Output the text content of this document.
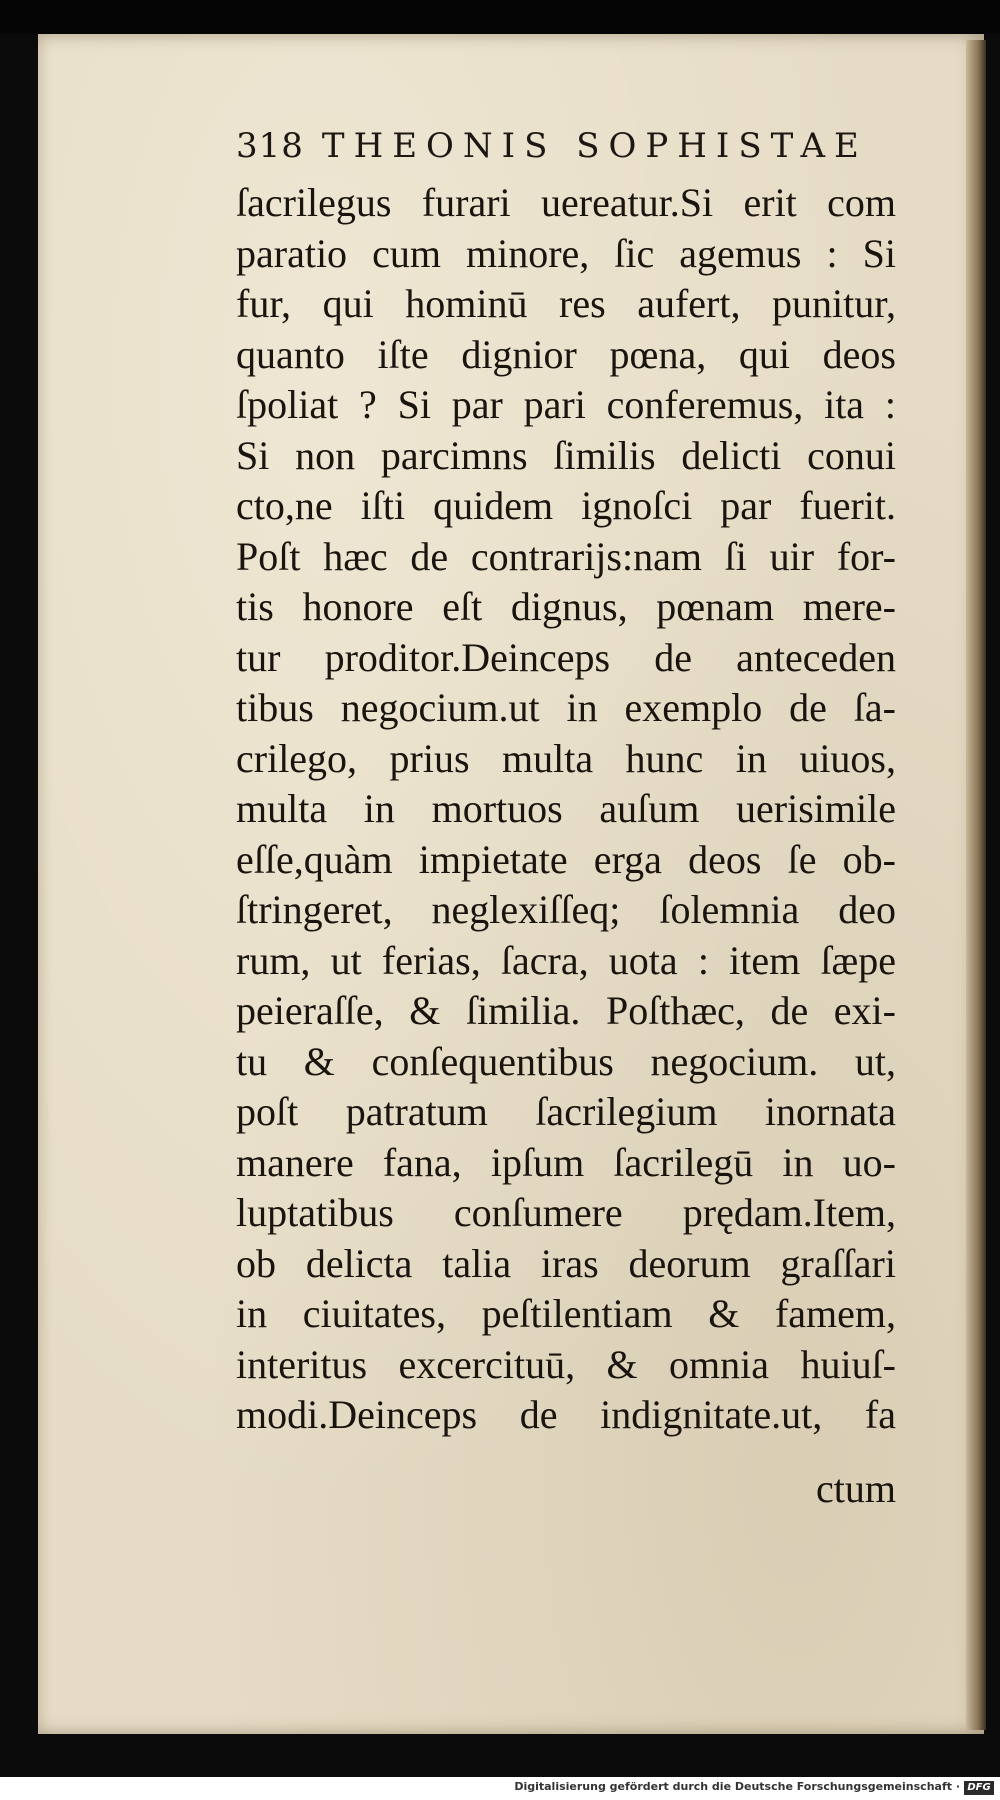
318 THEONIS SOPHISTAE
ſacrilegus furari uereatur.Si erit com
paratio cum minore, ſic agemus : Si
fur, qui hominū res aufert, punitur,
quanto iſte dignior pœna, qui deos
ſpoliat ? Si par pari conferemus, ita :
Si non parcimns ſimilis delicti conui
cto,ne iſti quidem ignoſci par fuerit.
Poſt hæc de contrarijs:nam ſi uir for-
tis honore eſt dignus, pœnam mere-
tur proditor.Deinceps de anteceden
tibus negocium.ut in exemplo de ſa-
crilego, prius multa hunc in uiuos,
multa in mortuos auſum uerisimile
eſſe,quàm impietate erga deos ſe ob-
ſtringeret, neglexiſſeq; ſolemnia deo
rum, ut ferias, ſacra, uota : item ſæpe
peieraſſe, & ſimilia. Poſthæc, de exi-
tu & conſequentibus negocium. ut,
poſt patratum ſacrilegium inornata
manere fana, ipſum ſacrilegū in uo-
luptatibus conſumere prędam.Item,
ob delicta talia iras deorum graſſari
in ciuitates, peſtilentiam & famem,
interitus excercituū, & omnia huiuſ-
modi.Deinceps de indignitate.ut, fa
ctum
Digitalisierung gefördert durch die Deutsche Forschungsgemeinschaft · DFG
